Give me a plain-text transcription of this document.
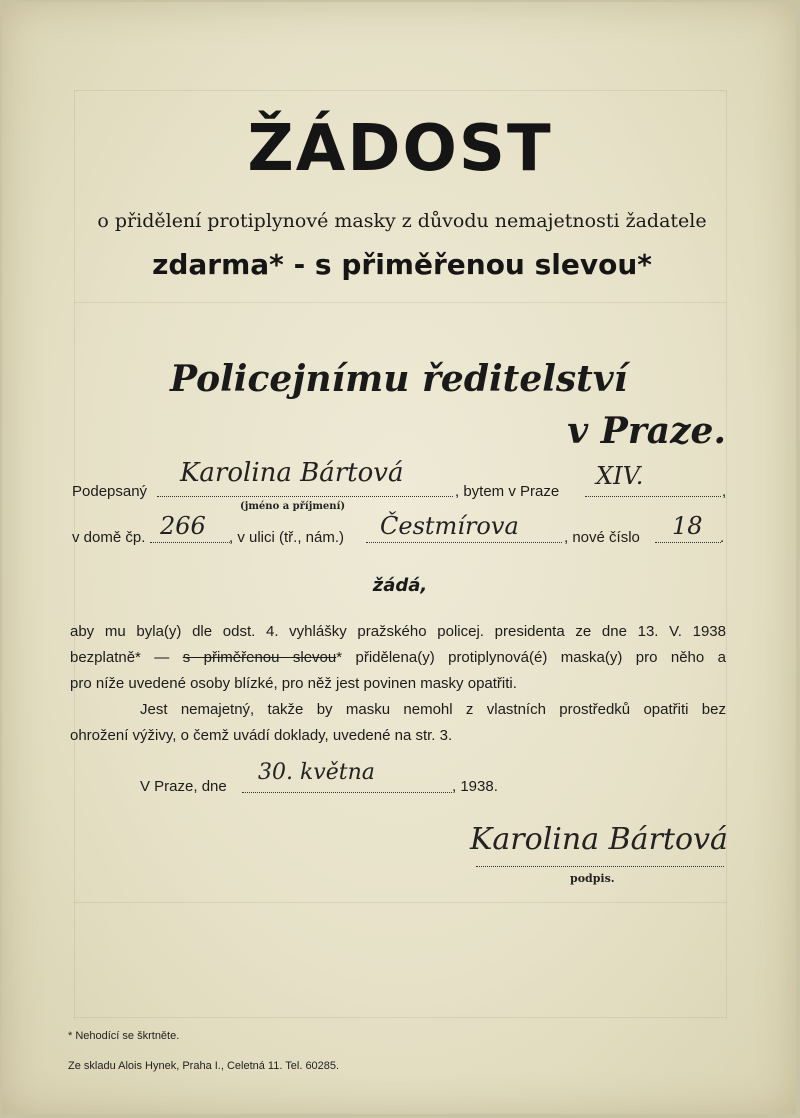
ŽÁDOST
o přidělení protiplynové masky z důvodu nemajetnosti žadatele
zdarma* - s přiměřenou slevou*
Policejnímu ředitelství
v Praze.
Podepsaný
Karolina Bártová
(jméno a příjmení)
, bytem v Praze
XIV.
,
v domě čp. 266 , v ulici (tř., nám.) Čestmírova	, nové číslo 18 .
žádá,
aby mu byla(y) dle odst. 4. vyhlášky pražského policej. presidenta ze dne 13. V. 1938
bezplatně* — s přiměřenou slevou* přidělena(y) protiplynová(é) maska(y) pro něho a
pro níže uvedené osoby blízké, pro něž jest povinen masky opatřiti.
Jest nemajetný, takže by masku nemohl z vlastních prostředků opatřiti bez
ohrožení výživy, o čemž uvádí doklady, uvedené na str. 3.
V Praze, dne
30. května
, 1938.
Karolina Bártová
podpis.
* Nehodící se škrtněte.
Ze skladu Alois Hynek, Praha I., Celetná 11. Tel. 60285.
